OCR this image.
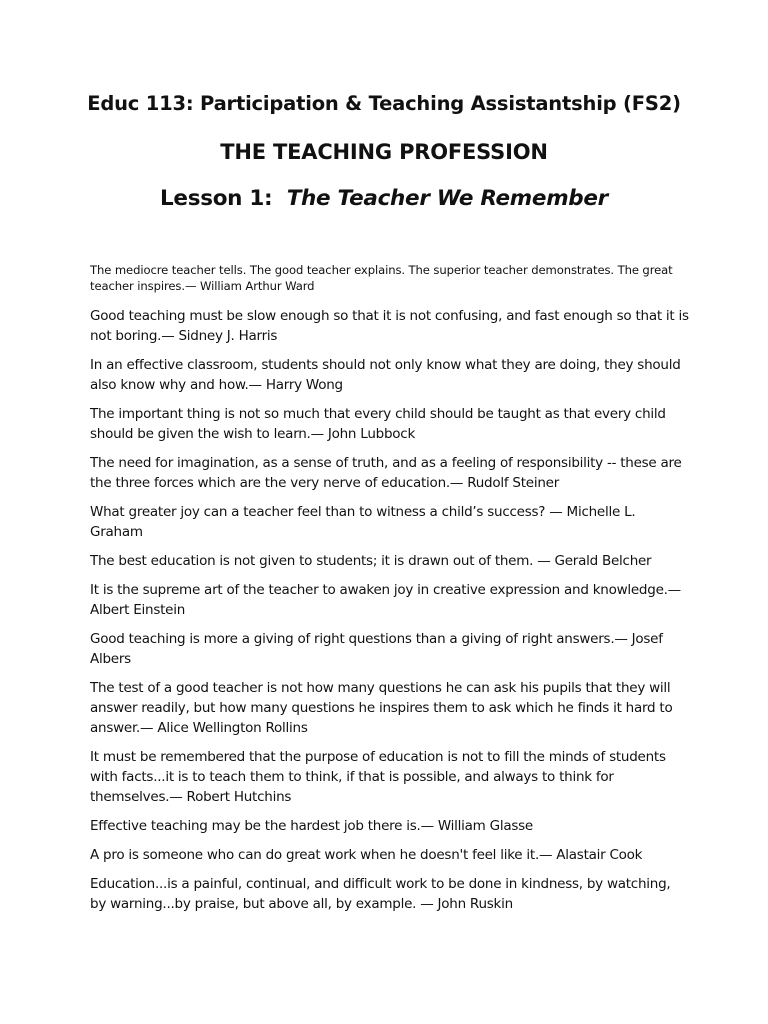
Educ 113: Participation & Teaching Assistantship (FS2)
THE TEACHING PROFESSION
Lesson 1: The Teacher We Remember

The mediocre teacher tells. The good teacher explains. The superior teacher demonstrates. The great teacher inspires.— William Arthur Ward

Good teaching must be slow enough so that it is not confusing, and fast enough so that it is not boring.— Sidney J. Harris

In an effective classroom, students should not only know what they are doing, they should also know why and how.— Harry Wong

The important thing is not so much that every child should be taught as that every child should be given the wish to learn.— John Lubbock

The need for imagination, as a sense of truth, and as a feeling of responsibility -- these are the three forces which are the very nerve of education.— Rudolf Steiner

What greater joy can a teacher feel than to witness a child’s success? — Michelle L. Graham

The best education is not given to students; it is drawn out of them. — Gerald Belcher

It is the supreme art of the teacher to awaken joy in creative expression and knowledge.— Albert Einstein

Good teaching is more a giving of right questions than a giving of right answers.— Josef Albers

The test of a good teacher is not how many questions he can ask his pupils that they will answer readily, but how many questions he inspires them to ask which he finds it hard to answer.— Alice Wellington Rollins

It must be remembered that the purpose of education is not to fill the minds of students with facts...it is to teach them to think, if that is possible, and always to think for themselves.— Robert Hutchins

Effective teaching may be the hardest job there is.— William Glasse

A pro is someone who can do great work when he doesn't feel like it.— Alastair Cook

Education...is a painful, continual, and difficult work to be done in kindness, by watching, by warning...by praise, but above all, by example. — John Ruskin
